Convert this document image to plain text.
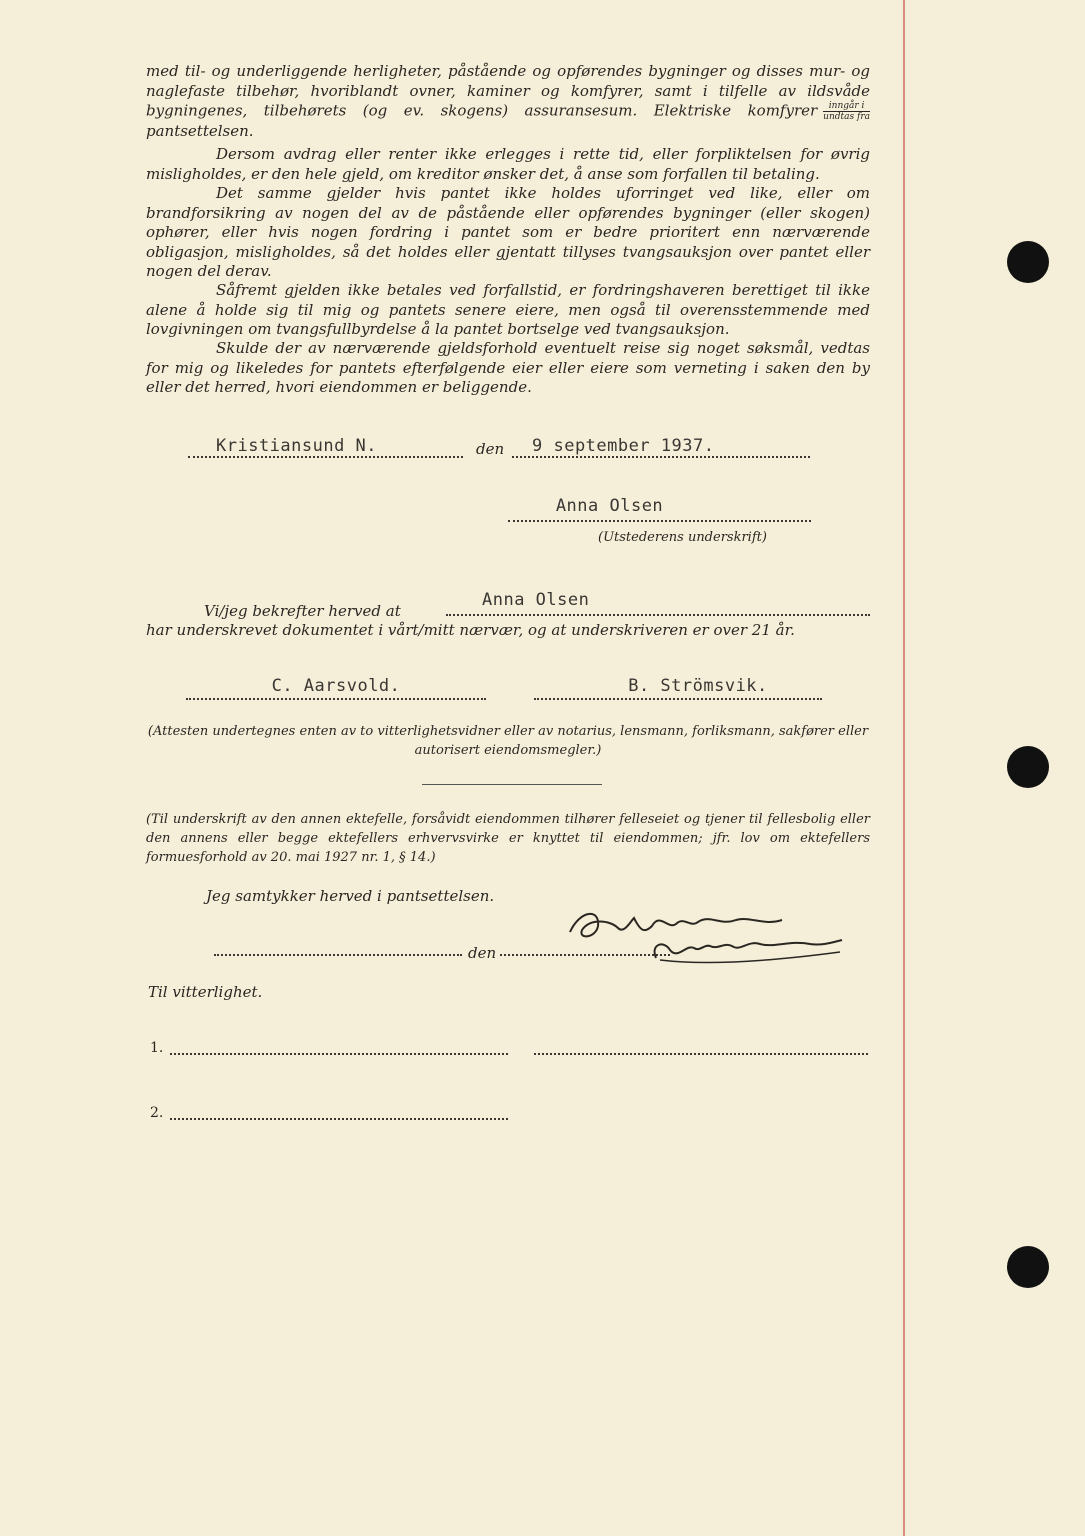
med til- og underliggende herligheter, påstående og opførendes bygninger og disses mur- og naglefaste tilbehør, hvoriblandt ovner, kaminer og komfyrer, samt i tilfelle av ildsvåde bygningenes, tilbehørets (og ev. skogens) assuransesum. Elektriske komfyrer $\frac{\text{inngår i}}{\text{undtas fra}}$
pantsettelsen.
Dersom avdrag eller renter ikke erlegges i rette tid, eller forpliktelsen for øvrig misligholdes, er den hele gjeld, om kreditor ønsker det, å anse som forfallen til betaling.
Det samme gjelder hvis pantet ikke holdes uforringet ved like, eller om brandforsikring av nogen del av de påstående eller opførendes bygninger (eller skogen) ophører, eller hvis nogen fordring i pantet som er bedre prioritert enn nærværende obligasjon, misligholdes, så det holdes eller gjentatt tillyses tvangsauksjon over pantet eller nogen del derav.
Såfremt gjelden ikke betales ved forfallstid, er fordringshaveren berettiget til ikke alene å holde sig til mig og pantets senere eiere, men også til overensstemmende med lovgivningen om tvangsfullbyrdelse å la pantet bortselge ved tvangsauksjon.
Skulde der av nærværende gjeldsforhold eventuelt reise sig noget søksmål, vedtas for mig og likeledes for pantets efterfølgende eier eller eiere som verneting i saken den by eller det herred, hvori eiendommen er beliggende.
Kristiansund N.	den	9 september 1937.
Anna Olsen
(Utstederens underskrift)
Vi/jeg bekrefter herved at
Anna Olsen
har underskrevet dokumentet i vårt/mitt nærvær, og at underskriveren er over 21 år.
C. Aarsvold.	B. Strömsvik.
(Attesten undertegnes enten av to vitterlighetsvidner eller av notarius, lensmann, forliksmann, sakfører eller autorisert eiendomsmegler.)
(Til underskrift av den annen ektefelle, forsåvidt eiendommen tilhører felleseiet og tjener til fellesbolig eller den annens eller begge ektefellers erhvervsvirke er knyttet til eiendommen; jfr. lov om ektefellers formuesforhold av 20. mai 1927 nr. 1, § 14.)
Jeg samtykker herved i pantsettelsen.
den
Til vitterlighet.
1.
2.
